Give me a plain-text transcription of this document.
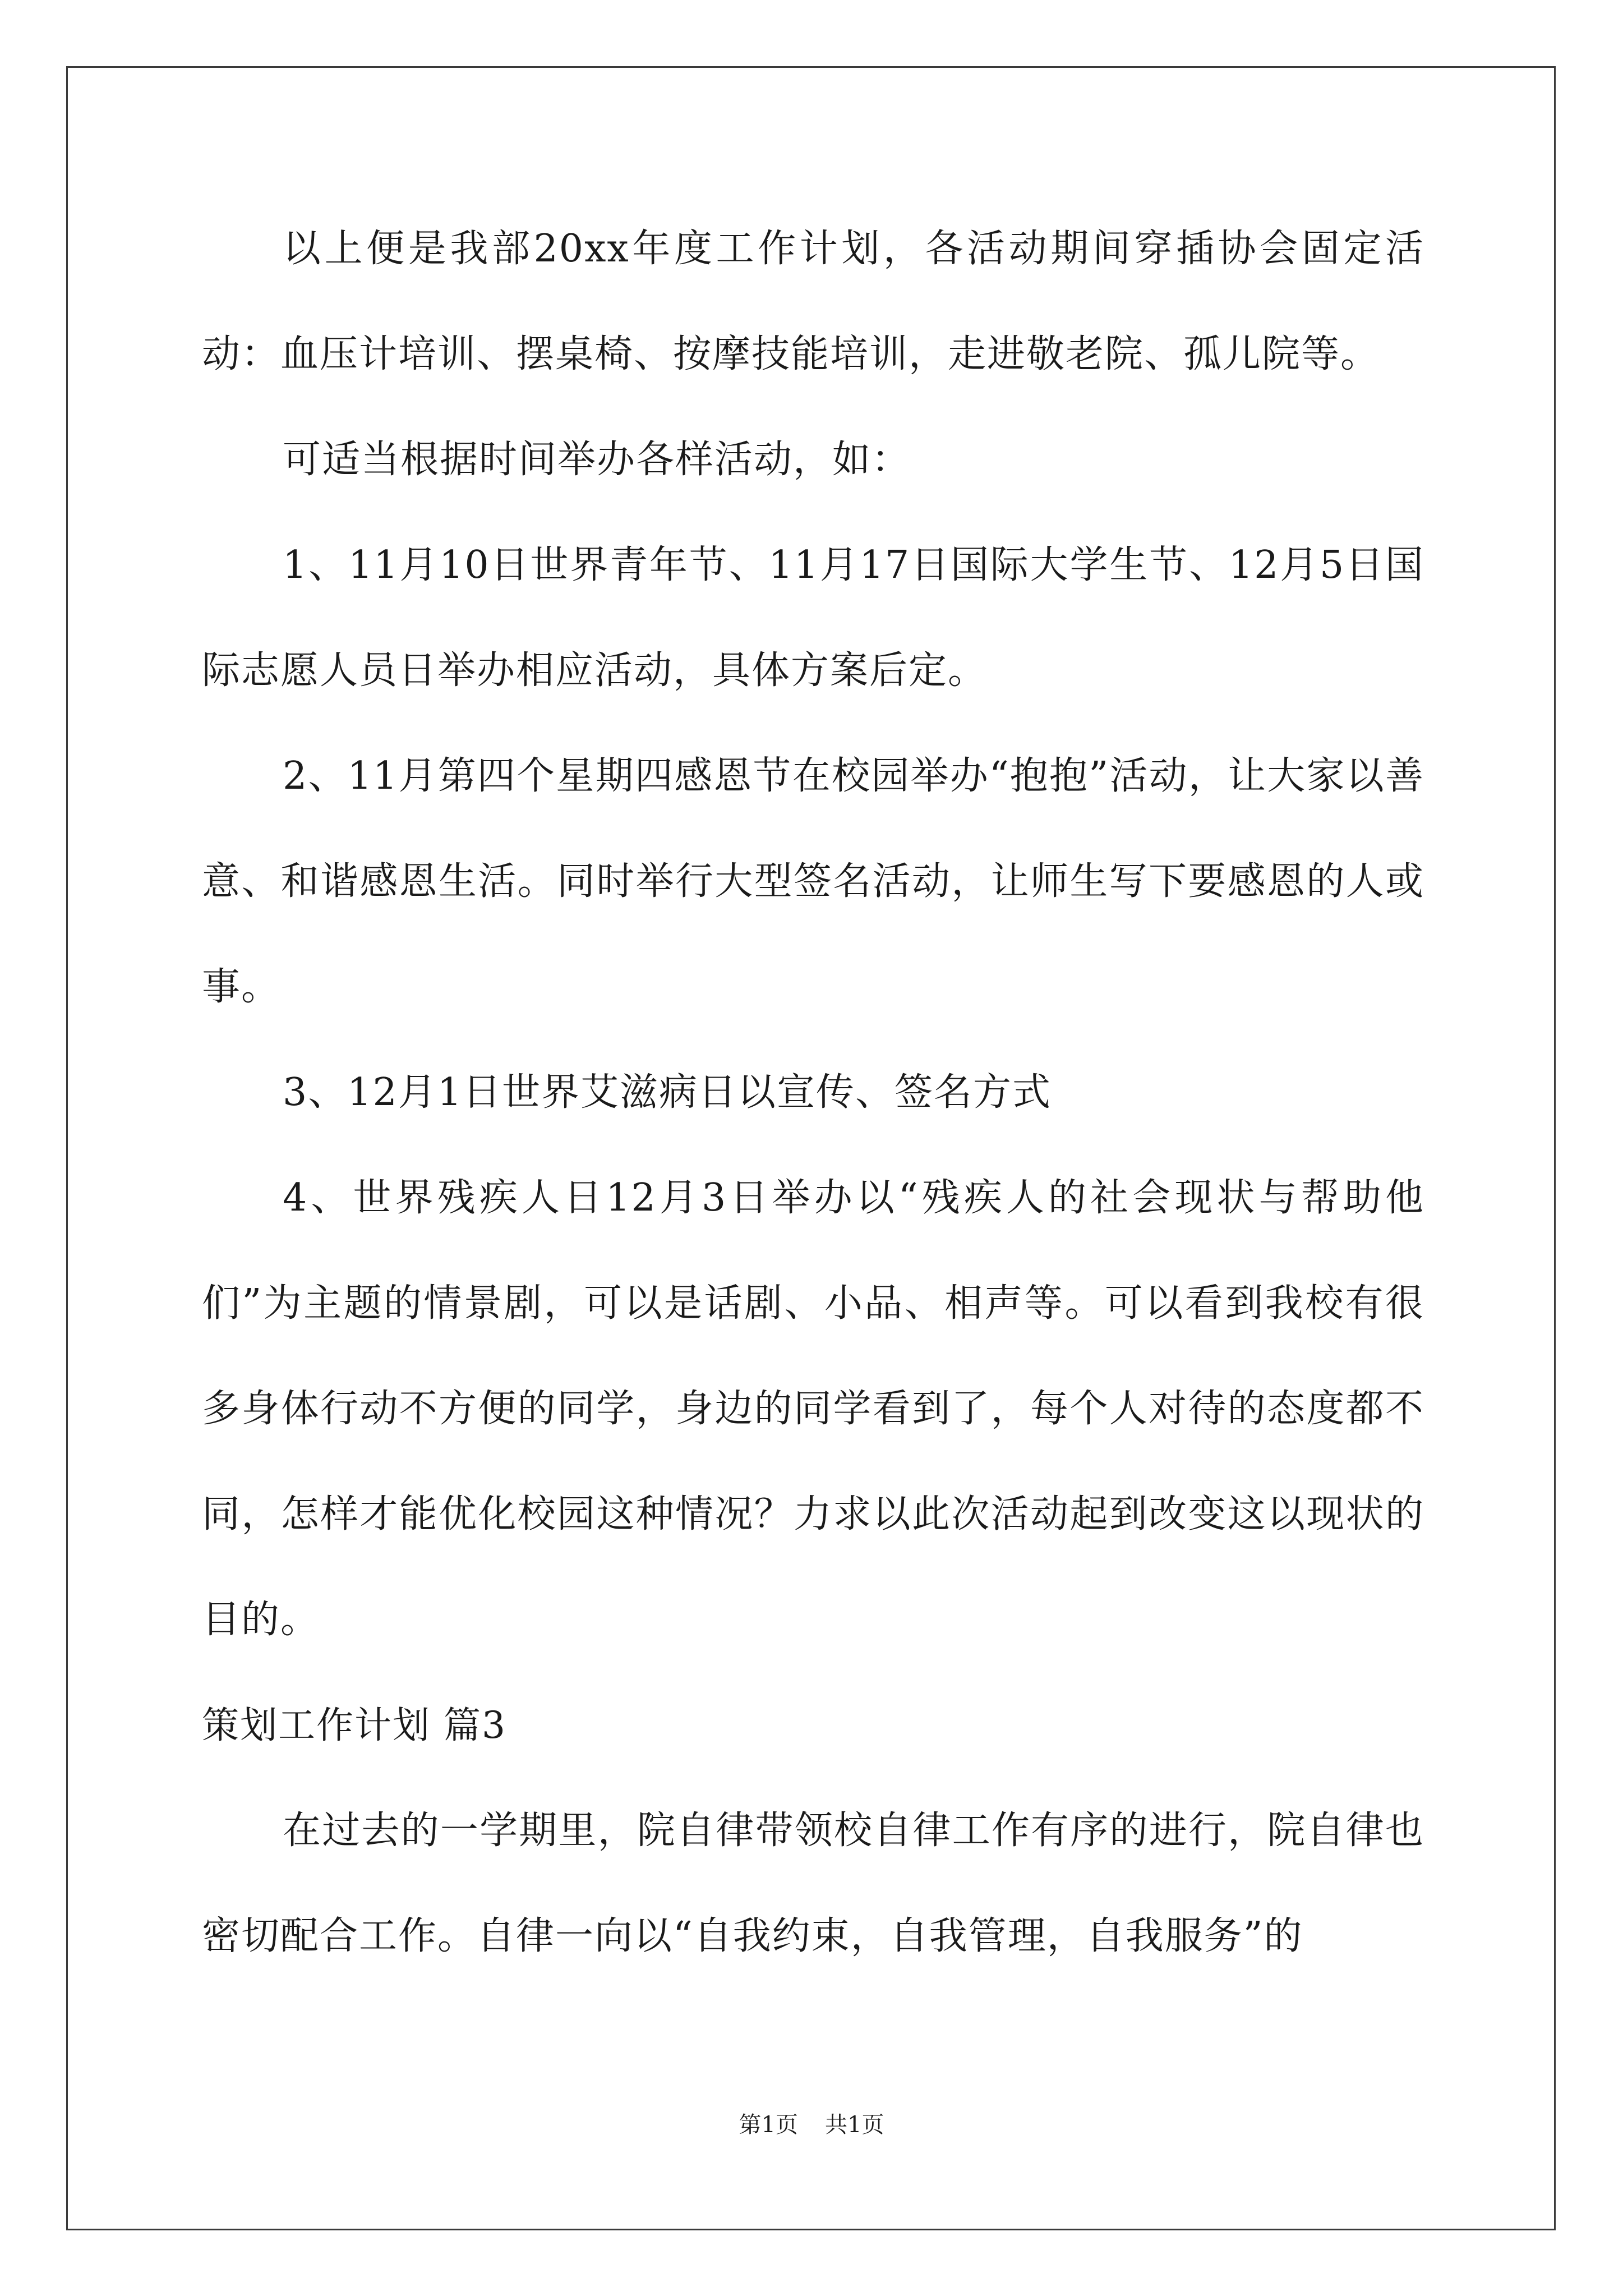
以上便是我部20xx年度工作计划，各活动期间穿插协会固定活动：血压计培训、摆桌椅、按摩技能培训，走进敬老院、孤儿院等。

可适当根据时间举办各样活动，如：

1、11月10日世界青年节、11月17日国际大学生节、12月5日国际志愿人员日举办相应活动，具体方案后定。

2、11月第四个星期四感恩节在校园举办“抱抱”活动，让大家以善意、和谐感恩生活。同时举行大型签名活动，让师生写下要感恩的人或事。

3、12月1日世界艾滋病日以宣传、签名方式

4、世界残疾人日12月3日举办以“残疾人的社会现状与帮助他们”为主题的情景剧，可以是话剧、小品、相声等。可以看到我校有很多身体行动不方便的同学，身边的同学看到了，每个人对待的态度都不同，怎样才能优化校园这种情况？力求以此次活动起到改变这以现状的目的。

策划工作计划 篇3

在过去的一学期里，院自律带领校自律工作有序的进行，院自律也密切配合工作。自律一向以“自我约束，自我管理，自我服务”的

第1页 共1页
